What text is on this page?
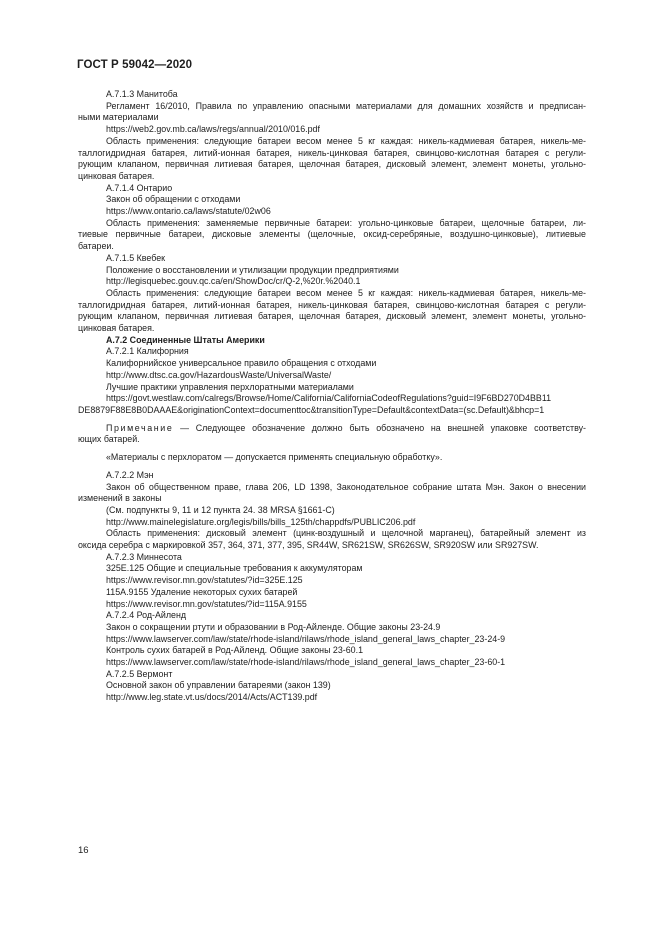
ГОСТ Р 59042—2020

А.7.1.3 Манитоба

Регламент 16/2010, Правила по управлению опасными материалами для домашних хозяйств и предписан-

ными материалами

https://web2.gov.mb.ca/laws/regs/annual/2010/016.pdf

Область применения: следующие батареи весом менее 5 кг каждая: никель-кадмиевая батарея, никель-ме-

таллогидридная батарея, литий-ионная батарея, никель-цинковая батарея, свинцово-кислотная батарея с регули-

рующим клапаном, первичная литиевая батарея, щелочная батарея, дисковый элемент, элемент монеты, угольно-

цинковая батарея.

А.7.1.4 Онтарио

Закон об обращении с отходами

https://www.ontario.ca/laws/statute/02w06

Область применения: заменяемые первичные батареи: угольно-цинковые батареи, щелочные батареи, ли-

тиевые первичные батареи, дисковые элементы (щелочные, оксид-серебряные, воздушно-цинковые), литиевые

батареи.

А.7.1.5 Квебек

Положение о восстановлении и утилизации продукции предприятиями

http://legisquebec.gouv.qc.ca/en/ShowDoc/cr/Q-2,%20r.%2040.1

Область применения: следующие батареи весом менее 5 кг каждая: никель-кадмиевая батарея, никель-ме-

таллогидридная батарея, литий-ионная батарея, никель-цинковая батарея, свинцово-кислотная батарея с регули-

рующим клапаном, первичная литиевая батарея, щелочная батарея, дисковый элемент, элемент монеты, угольно-

цинковая батарея.

А.7.2 Соединенные Штаты Америки

А.7.2.1 Калифорния

Калифорнийское универсальное правило обращения с отходами

http://www.dtsc.ca.gov/HazardousWaste/UniversalWaste/

Лучшие практики управления перхлоратными материалами

https://govt.westlaw.com/calregs/Browse/Home/California/CaliforniaCodeofRegulations?guid=I9F6BD270D4BB11

DE8879F88E8B0DAAAE&originationContext=documenttoc&transitionType=Default&contextData=(sc.Default)&bhcp=1

Примечание — Следующее обозначение должно быть обозначено на внешней упаковке соответству-

ющих батарей.

«Материалы с перхлоратом — допускается применять специальную обработку».

А.7.2.2 Мэн

Закон об общественном праве, глава 206, LD 1398, Законодательное собрание штата Мэн. Закон о внесении

изменений в законы

(См. подпункты 9, 11 и 12 пункта 24. 38 MRSA §1661-C)

http://www.mainelegislature.org/legis/bills/bills_125th/chappdfs/PUBLIC206.pdf

Область применения: дисковый элемент (цинк-воздушный и щелочной марганец), батарейный элемент из

оксида серебра с маркировкой 357, 364, 371, 377, 395, SR44W, SR621SW, SR626SW, SR920SW или SR927SW.

А.7.2.3 Миннесота

325E.125 Общие и специальные требования к аккумуляторам

https://www.revisor.mn.gov/statutes/?id=325E.125

115A.9155 Удаление некоторых сухих батарей

https://www.revisor.mn.gov/statutes/?id=115A.9155

А.7.2.4 Род-Айленд

Закон о сокращении ртути и образовании в Род-Айленде. Общие законы 23-24.9

https://www.lawserver.com/law/state/rhode-island/rilaws/rhode_island_general_laws_chapter_23-24-9

Контроль сухих батарей в Род-Айленд. Общие законы 23-60.1

https://www.lawserver.com/law/state/rhode-island/rilaws/rhode_island_general_laws_chapter_23-60-1

А.7.2.5 Вермонт

Основной закон об управлении батареями (закон 139)

http://www.leg.state.vt.us/docs/2014/Acts/ACT139.pdf

16
